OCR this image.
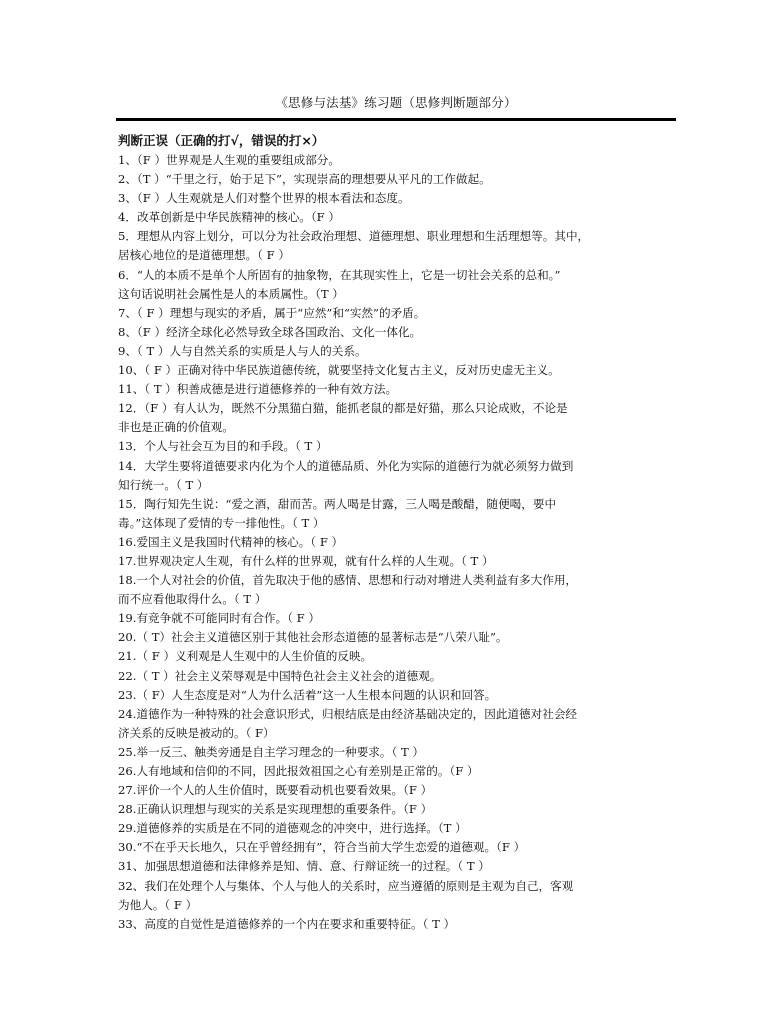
《思修与法基》练习题（思修判断题部分）
判断正误（正确的打√，错误的打×）
1、（F ）世界观是人生观的重要组成部分。
2、（T ）“千里之行，始于足下”，实现崇高的理想要从平凡的工作做起。
3、（F ）人生观就是人们对整个世界的根本看法和态度。
4．改革创新是中华民族精神的核心。（F ）
5．理想从内容上划分，可以分为社会政治理想、道德理想、职业理想和生活理想等。其中，
居核心地位的是道德理想。（ F ）
6．“人的本质不是单个人所固有的抽象物，在其现实性上，它是一切社会关系的总和。”
这句话说明社会属性是人的本质属性。（T ）
7、（ F ）理想与现实的矛盾，属于“应然”和“实然”的矛盾。
8、（F ）经济全球化必然导致全球各国政治、文化一体化。
9、（ T ）人与自然关系的实质是人与人的关系。
10、（ F ）正确对待中华民族道德传统，就要坚持文化复古主义，反对历史虚无主义。
11、（ T ）积善成德是进行道德修养的一种有效方法。
12．（F ）有人认为，既然不分黑猫白猫，能抓老鼠的都是好猫，那么只论成败，不论是
非也是正确的价值观。
13．个人与社会互为目的和手段。（ T ）
14．大学生要将道德要求内化为个人的道德品质、外化为实际的道德行为就必须努力做到
知行统一。（ T ）
15．陶行知先生说：“爱之酒，甜而苦。两人喝是甘露，三人喝是酸醋，随便喝，要中
毒。”这体现了爱情的专一排他性。（ T ）
16.爱国主义是我国时代精神的核心。（ F ）
17.世界观决定人生观，有什么样的世界观，就有什么样的人生观。（ T ）
18.一个人对社会的价值，首先取决于他的感情、思想和行动对增进人类利益有多大作用，
而不应看他取得什么。（ T ）
19.有竞争就不可能同时有合作。（ F ）
20.（ T）社会主义道德区别于其他社会形态道德的显著标志是“八荣八耻”。
21.（ F ）义利观是人生观中的人生价值的反映。
22.（ T ）社会主义荣辱观是中国特色社会主义社会的道德观。
23.（ F）人生态度是对“人为什么活着”这一人生根本问题的认识和回答。
24.道德作为一种特殊的社会意识形式，归根结底是由经济基础决定的，因此道德对社会经
济关系的反映是被动的。（ F）
25.举一反三、触类旁通是自主学习理念的一种要求。（ T ）
26.人有地域和信仰的不同，因此报效祖国之心有差别是正常的。（F ）
27.评价一个人的人生价值时，既要看动机也要看效果。（F ）
28.正确认识理想与现实的关系是实现理想的重要条件。（F ）
29.道德修养的实质是在不同的道德观念的冲突中，进行选择。（T ）
30.“不在乎天长地久，只在乎曾经拥有”，符合当前大学生恋爱的道德观。（F ）
31、加强思想道德和法律修养是知、情、意、行辩证统一的过程。（ T ）
32、我们在处理个人与集体、个人与他人的关系时，应当遵循的原则是主观为自己，客观
为他人。（ F ）
33、高度的自觉性是道德修养的一个内在要求和重要特征。（ T ）
